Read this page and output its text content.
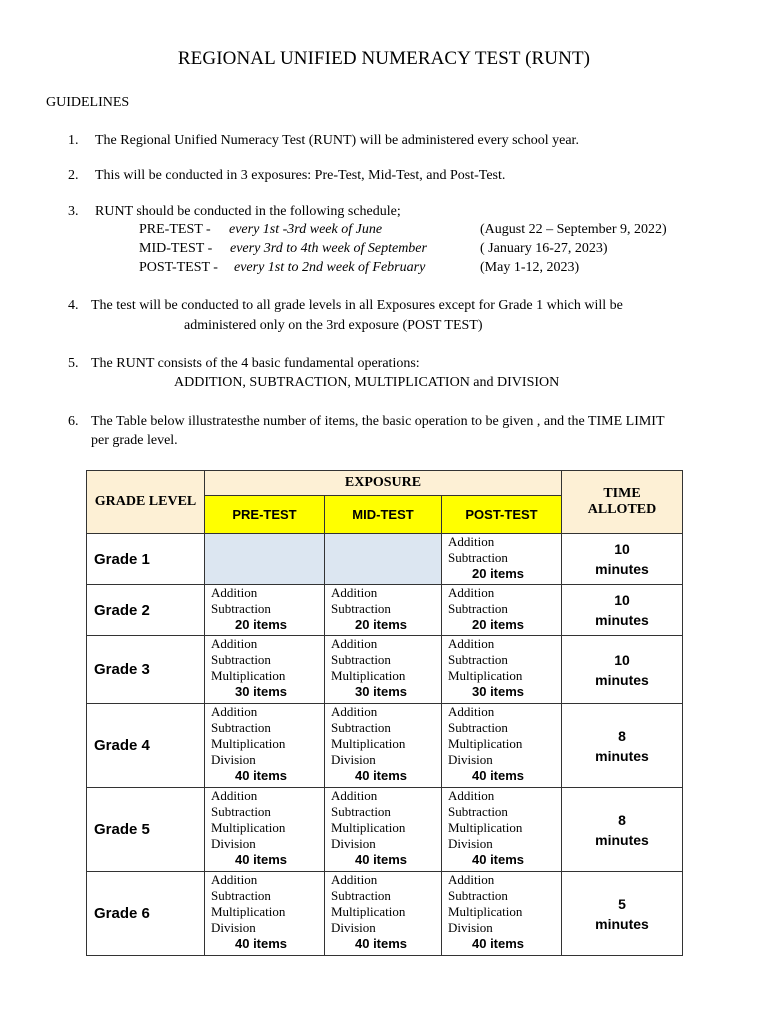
REGIONAL UNIFIED NUMERACY TEST (RUNT)
GUIDELINES
1. The Regional Unified Numeracy Test (RUNT) will be administered every school year.
2. This will be conducted in 3 exposures: Pre-Test, Mid-Test, and Post-Test.
3. RUNT should be conducted in the following schedule;
PRE-TEST - every 1st -3rd week of June	(August 22 – September 9, 2022)
MID-TEST - every 3rd to 4th week of September	( January 16-27, 2023)
POST-TEST - every 1st to 2nd week of February	(May 1-12, 2023)
4. The test will be conducted to all grade levels in all Exposures except for Grade 1 which will be
administered only on the 3rd exposure (POST TEST)
5. The RUNT consists of the 4 basic fundamental operations:
ADDITION, SUBTRACTION, MULTIPLICATION and DIVISION
6. The Table below illustratesthe number of items, the basic operation to be given , and the TIME LIMIT
per grade level.
GRADE LEVEL	EXPOSURE			TIME
ALLOTED

	PRE-TEST	MID-TEST	POST-TEST	
Grade 1			Addition
Subtraction
20 items	10
minutes

Grade 2	Addition
Subtraction
20 items	Addition
Subtraction
20 items	Addition
Subtraction
20 items	10
minutes

Grade 3	Addition
Subtraction
Multiplication
30 items	Addition
Subtraction
Multiplication
30 items	Addition
Subtraction
Multiplication
30 items	10
minutes

Grade 4	Addition
Subtraction
Multiplication
Division
40 items	Addition
Subtraction
Multiplication
Division
40 items	Addition
Subtraction
Multiplication
Division
40 items	8
minutes

Grade 5	Addition
Subtraction
Multiplication
Division
40 items	Addition
Subtraction
Multiplication
Division
40 items	Addition
Subtraction
Multiplication
Division
40 items	8
minutes

Grade 6	Addition
Subtraction
Multiplication
Division
40 items	Addition
Subtraction
Multiplication
Division
40 items	Addition
Subtraction
Multiplication
Division
40 items	5
minutes
